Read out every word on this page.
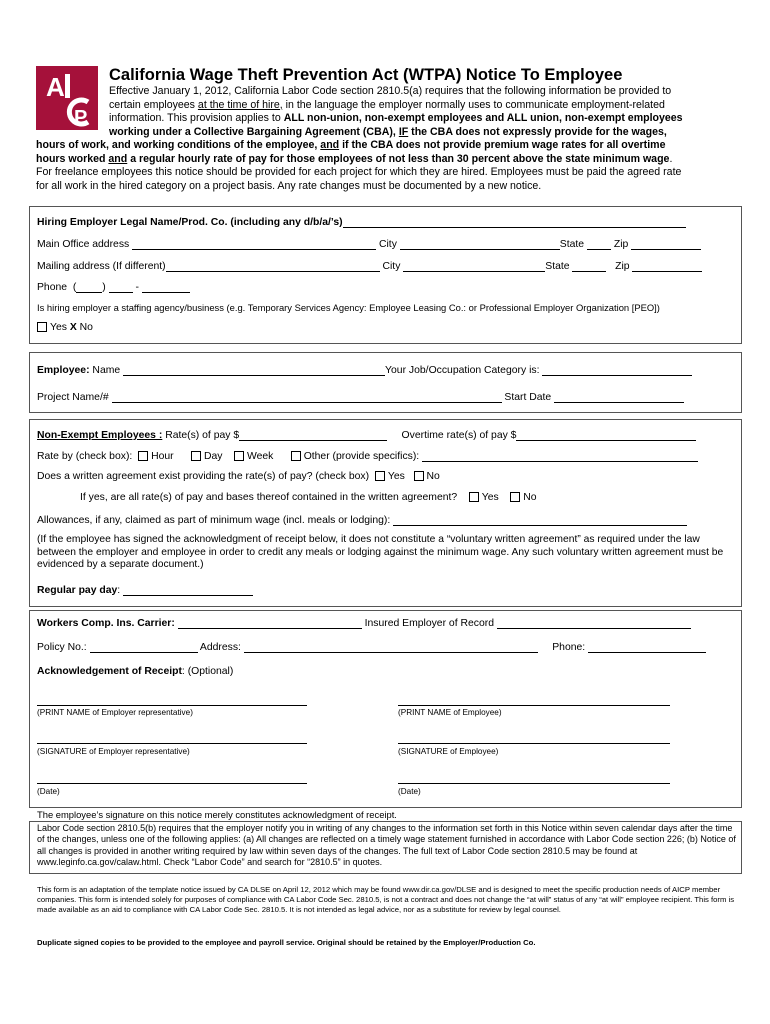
A
P
California Wage Theft Prevention Act (WTPA) Notice To Employee
Effective January 1, 2012, California Labor Code section 2810.5(a) requires that the following information be provided to
certain employees at the time of hire, in the language the employer normally uses to communicate employment-related
information. This provision applies to ALL non-union, non-exempt employees and ALL union, non-exempt employees
working under a Collective Bargaining Agreement (CBA), IF the CBA does not expressly provide for the wages,
hours of work, and working conditions of the employee, and if the CBA does not provide premium wage rates for all overtime
hours worked and a regular hourly rate of pay for those employees of not less than 30 percent above the state minimum wage.
For freelance employees this notice should be provided for each project for which they are hired. Employees must be paid the agreed rate
for all work in the hired category on a project basis. Any rate changes must be documented by a new notice.
Hiring Employer Legal Name/Prod. Co. (including any d/b/a/’s)
Main Office address	City	State	Zip
Mailing address (If different)	City	State	Zip
Phone (	)	-
Is hiring employer a staffing agency/business (e.g. Temporary Services Agency: Employee Leasing Co.: or Professional Employer Organization [PEO])
Yes X No
Employee: Name	Your Job/Occupation Category is:
Project Name/#	Start Date
Non-Exempt Employees : Rate(s) of pay $	Overtime rate(s) of pay $
Rate by (check box): Hour	Day Week	Other (provide specifics):
Does a written agreement exist providing the rate(s) of pay? (check box) Yes No
If yes, are all rate(s) of pay and bases thereof contained in the written agreement? Yes No
Allowances, if any, claimed as part of minimum wage (incl. meals or lodging):
(If the employee has signed the acknowledgment of receipt below, it does not constitute a “voluntary written agreement” as required under the law between the employer and employee in order to credit any meals or lodging against the minimum wage. Any such voluntary written agreement must be evidenced by a separate document.)
Regular pay day:
Workers Comp. Ins. Carrier:	Insured Employer of Record
Policy No.:	Address:	Phone:
Acknowledgement of Receipt: (Optional)
(PRINT NAME of Employer representative)	(PRINT NAME of Employee)
(SIGNATURE of Employer representative)	(SIGNATURE of Employee)
(Date)	(Date)
The employee’s signature on this notice merely constitutes acknowledgment of receipt.
Labor Code section 2810.5(b) requires that the employer notify you in writing of any changes to the information set forth in this Notice within seven calendar days after the time of the changes, unless one of the following applies: (a) All changes are reflected on a timely wage statement furnished in accordance with Labor Code section 226; (b) Notice of all changes is provided in another writing required by law within seven days of the changes. The full text of Labor Code section 2810.5 may be found at www.leginfo.ca.gov/calaw.html. Check “Labor Code” and search for “2810.5” in quotes.
This form is an adaptation of the template notice issued by CA DLSE on April 12, 2012 which may be found www.dir.ca.gov/DLSE and is designed to meet the specific production needs of AICP member companies. This form is intended solely for purposes of compliance with CA Labor Code Sec. 2810.5, is not a contract and does not change the “at will” status of any “at will” employee recipient. This form is made available as an aid to compliance with CA Labor Code Sec. 2810.5. It is not intended as legal advice, nor as a substitute for review by legal counsel.
Duplicate signed copies to be provided to the employee and payroll service. Original should be retained by the Employer/Production Co.
